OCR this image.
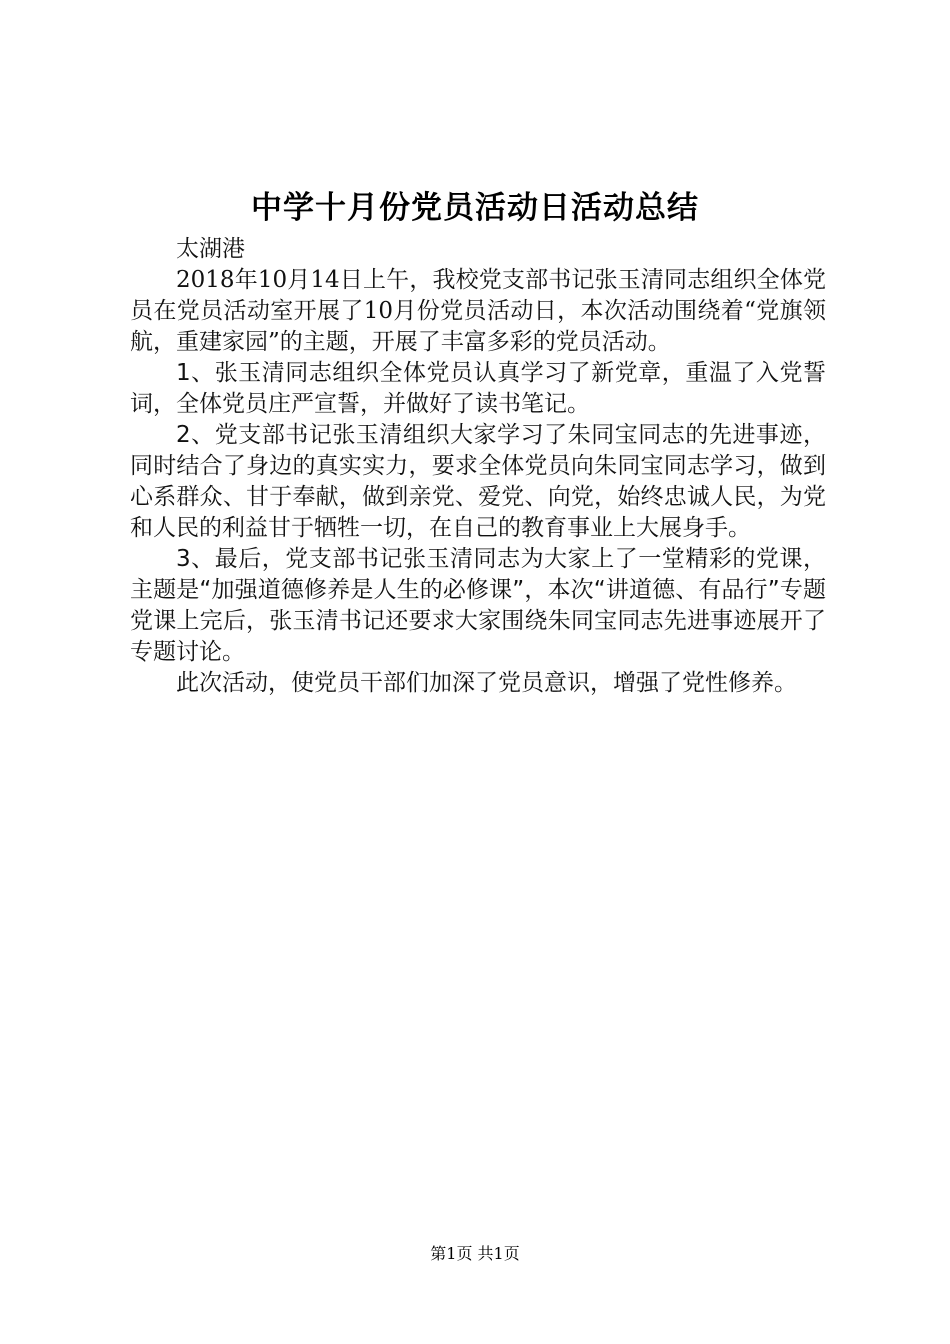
中学十月份党员活动日活动总结

太湖港

2018年10月14日上午，我校党支部书记张玉清同志组织全体党员在党员活动室开展了10月份党员活动日，本次活动围绕着“党旗领航，重建家园”的主题，开展了丰富多彩的党员活动。

1、张玉清同志组织全体党员认真学习了新党章，重温了入党誓词，全体党员庄严宣誓，并做好了读书笔记。

2、党支部书记张玉清组织大家学习了朱同宝同志的先进事迹，同时结合了身边的真实实力，要求全体党员向朱同宝同志学习，做到心系群众、甘于奉献，做到亲党、爱党、向党，始终忠诚人民，为党和人民的利益甘于牺牲一切，在自己的教育事业上大展身手。

3、最后，党支部书记张玉清同志为大家上了一堂精彩的党课，主题是“加强道德修养是人生的必修课”，本次“讲道德、有品行”专题党课上完后，张玉清书记还要求大家围绕朱同宝同志先进事迹展开了专题讨论。

此次活动，使党员干部们加深了党员意识，增强了党性修养。

第1页 共1页
